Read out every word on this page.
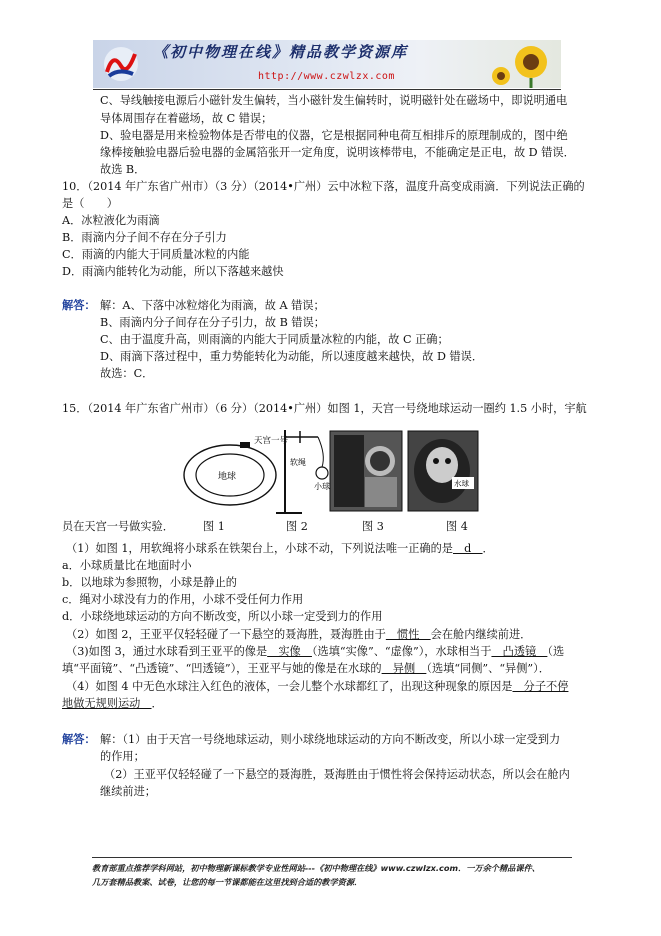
《初中物理在线》精品教学资源库
http://www.czwlzx.com
C、导线触接电源后小磁针发生偏转，当小磁针发生偏转时，说明磁针处在磁场中，即说明通电
导体周围存在着磁场，故 C 错误；
D、验电器是用来检验物体是否带电的仪器，它是根据同种电荷互相排斥的原理制成的，图中绝
缘棒接触验电器后验电器的金属箔张开一定角度，说明该棒带电，不能确定是正电，故 D 错误．
故选 B．
10．（2014 年广东省广州市）（3 分）（2014•广州）云中冰粒下落，温度升高变成雨滴．下列说法正确的
是（　　）
A．冰粒液化为雨滴
B．雨滴内分子间不存在分子引力
C．雨滴的内能大于同质量冰粒的内能
D．雨滴内能转化为动能，所以下落越来越快
解答： 解：A、下落中冰粒熔化为雨滴，故 A 错误；
B、雨滴内分子间存在分子引力，故 B 错误；
C、由于温度升高，则雨滴的内能大于同质量冰粒的内能，故 C 正确；
D、雨滴下落过程中，重力势能转化为动能，所以速度越来越快，故 D 错误．
故选：C．
15．（2014 年广东省广州市）（6 分）（2014•广州）如图 1，天宫一号绕地球运动一圈约 1.5 小时，宇航
天宫一号
地球
软绳
小球	水球
员在天宫一号做实验．	图 1	图 2	图 3	图 4
（1）如图 1，用软绳将小球系在铁架台上，小球不动，下列说法唯一正确的是　d　．
a．小球质量比在地面时小
b．以地球为参照物，小球是静止的
c．绳对小球没有力的作用，小球不受任何力作用
d．小球绕地球运动的方向不断改变，所以小球一定受到力的作用
（2）如图 2，王亚平仅轻轻碰了一下悬空的聂海胜，聂海胜由于　惯性　会在舱内继续前进．
（3)如图 3，通过水球看到王亚平的像是　实像　（选填“实像”、“虚像”），水球相当于　凸透镜　（选
填“平面镜”、“凸透镜”、“凹透镜”），王亚平与她的像是在水球的　异侧　（选填“同侧”、“异侧”）．
（4）如图 4 中无色水球注入红色的液体，一会儿整个水球都红了，出现这种现象的原因是　分子不停
地做无规则运动　．
解答： 解：（1）由于天宫一号绕地球运动，则小球绕地球运动的方向不断改变，所以小球一定受到力
的作用；
（2）王亚平仅轻轻碰了一下悬空的聂海胜，聂海胜由于惯性将会保持运动状态，所以会在舱内
继续前进；
教育部重点推荐学科网站，初中物理新课标教学专业性网站---《初中物理在线》www.czwlzx.com．一万余个精品课件、
几万套精品教案、试卷，让您的每一节课都能在这里找到合适的教学资源．
